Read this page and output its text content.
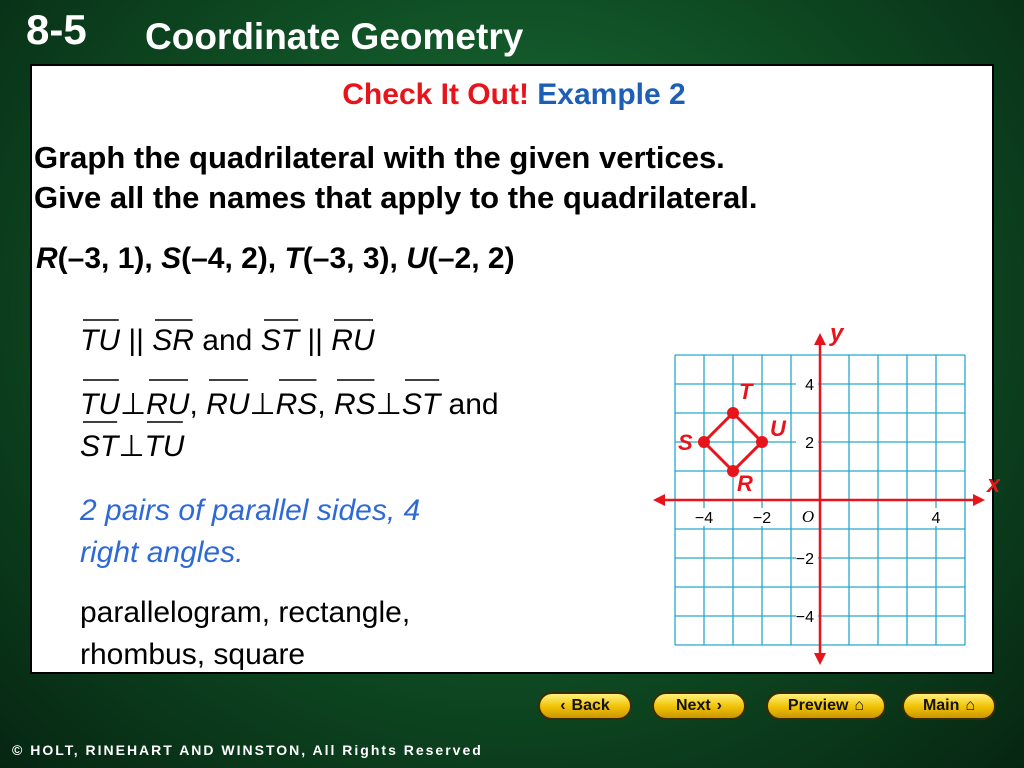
8-5 Coordinate Geometry
Check It Out! Example 2
Graph the quadrilateral with the given vertices.
Give all the names that apply to the quadrilateral.
R(–3, 1), S(–4, 2), T(–3, 3), U(–2, 2)
TU
|| SR
and ST
|| RU
TU
⊥RU
, RU
⊥RS
, RS
⊥ST
and
ST
⊥TU
2 pairs of parallel sides, 4
right angles.
parallelogram, rectangle,
rhombus, square
−4 −2	4
4
2
−2
−4
O
x
y
R
S
T
U
‹ Back	Next ›	Preview ⌂	Main ⌂
© HOLT, RINEHART AND WINSTON, All Rights Reserved
